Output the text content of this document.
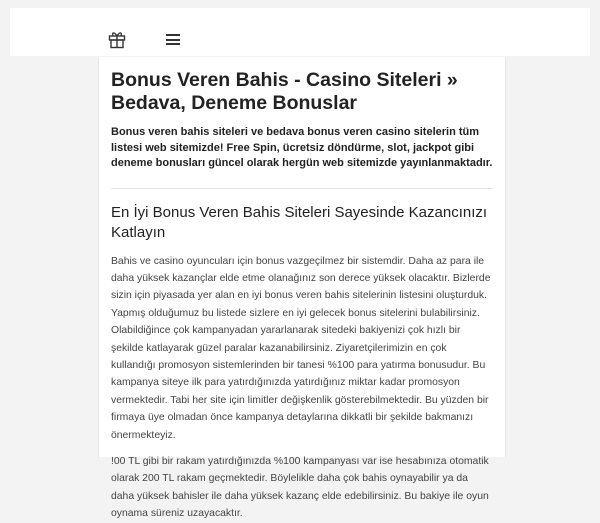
Bonus Veren Bahis - Casino Siteleri » Bedava, Deneme Bonuslar

Bonus veren bahis siteleri ve bedava bonus veren casino sitelerin tüm listesi web sitemizde! Free Spin, ücretsiz döndürme, slot, jackpot gibi deneme bonusları güncel olarak hergün web sitemizde yayınlanmaktadır.

En İyi Bonus Veren Bahis Siteleri Sayesinde Kazancınızı Katlayın

Bahis ve casino oyuncuları için bonus vazgeçilmez bir sistemdir. Daha az para ile daha yüksek kazançlar elde etme olanağınız son derece yüksek olacaktır. Bizlerde sizin için piyasada yer alan en iyi bonus veren bahis sitelerinin listesini oluşturduk. Yapmış olduğumuz bu listede sizlere en iyi gelecek bonus sitelerini bulabilirsiniz. Olabildiğince çok kampanyadan yararlanarak sitedeki bakiyenizi çok hızlı bir şekilde katlayarak güzel paralar kazanabilirsiniz. Ziyaretçilerimizin en çok kullandığı promosyon sistemlerinden bir tanesi %100 para yatırma bonusudur. Bu kampanya siteye ilk para yatırdığınızda yatırdığınız miktar kadar promosyon vermektedir. Tabi her site için limitler değişkenlik gösterebilmektedir. Bu yüzden bir firmaya üye olmadan önce kampanya detaylarına dikkatli bir şekilde bakmanızı önermekteyiz.

!00 TL gibi bir rakam yatırdığınızda %100 kampanyası var ise hesabınıza otomatik olarak 200 TL rakam geçmektedir. Böylelikle daha çok bahis oynayabilir ya da daha yüksek bahisler ile daha yüksek kazanç elde edebilirsiniz. Bu bakiye ile oyun oynama süreniz uzayacaktır.
